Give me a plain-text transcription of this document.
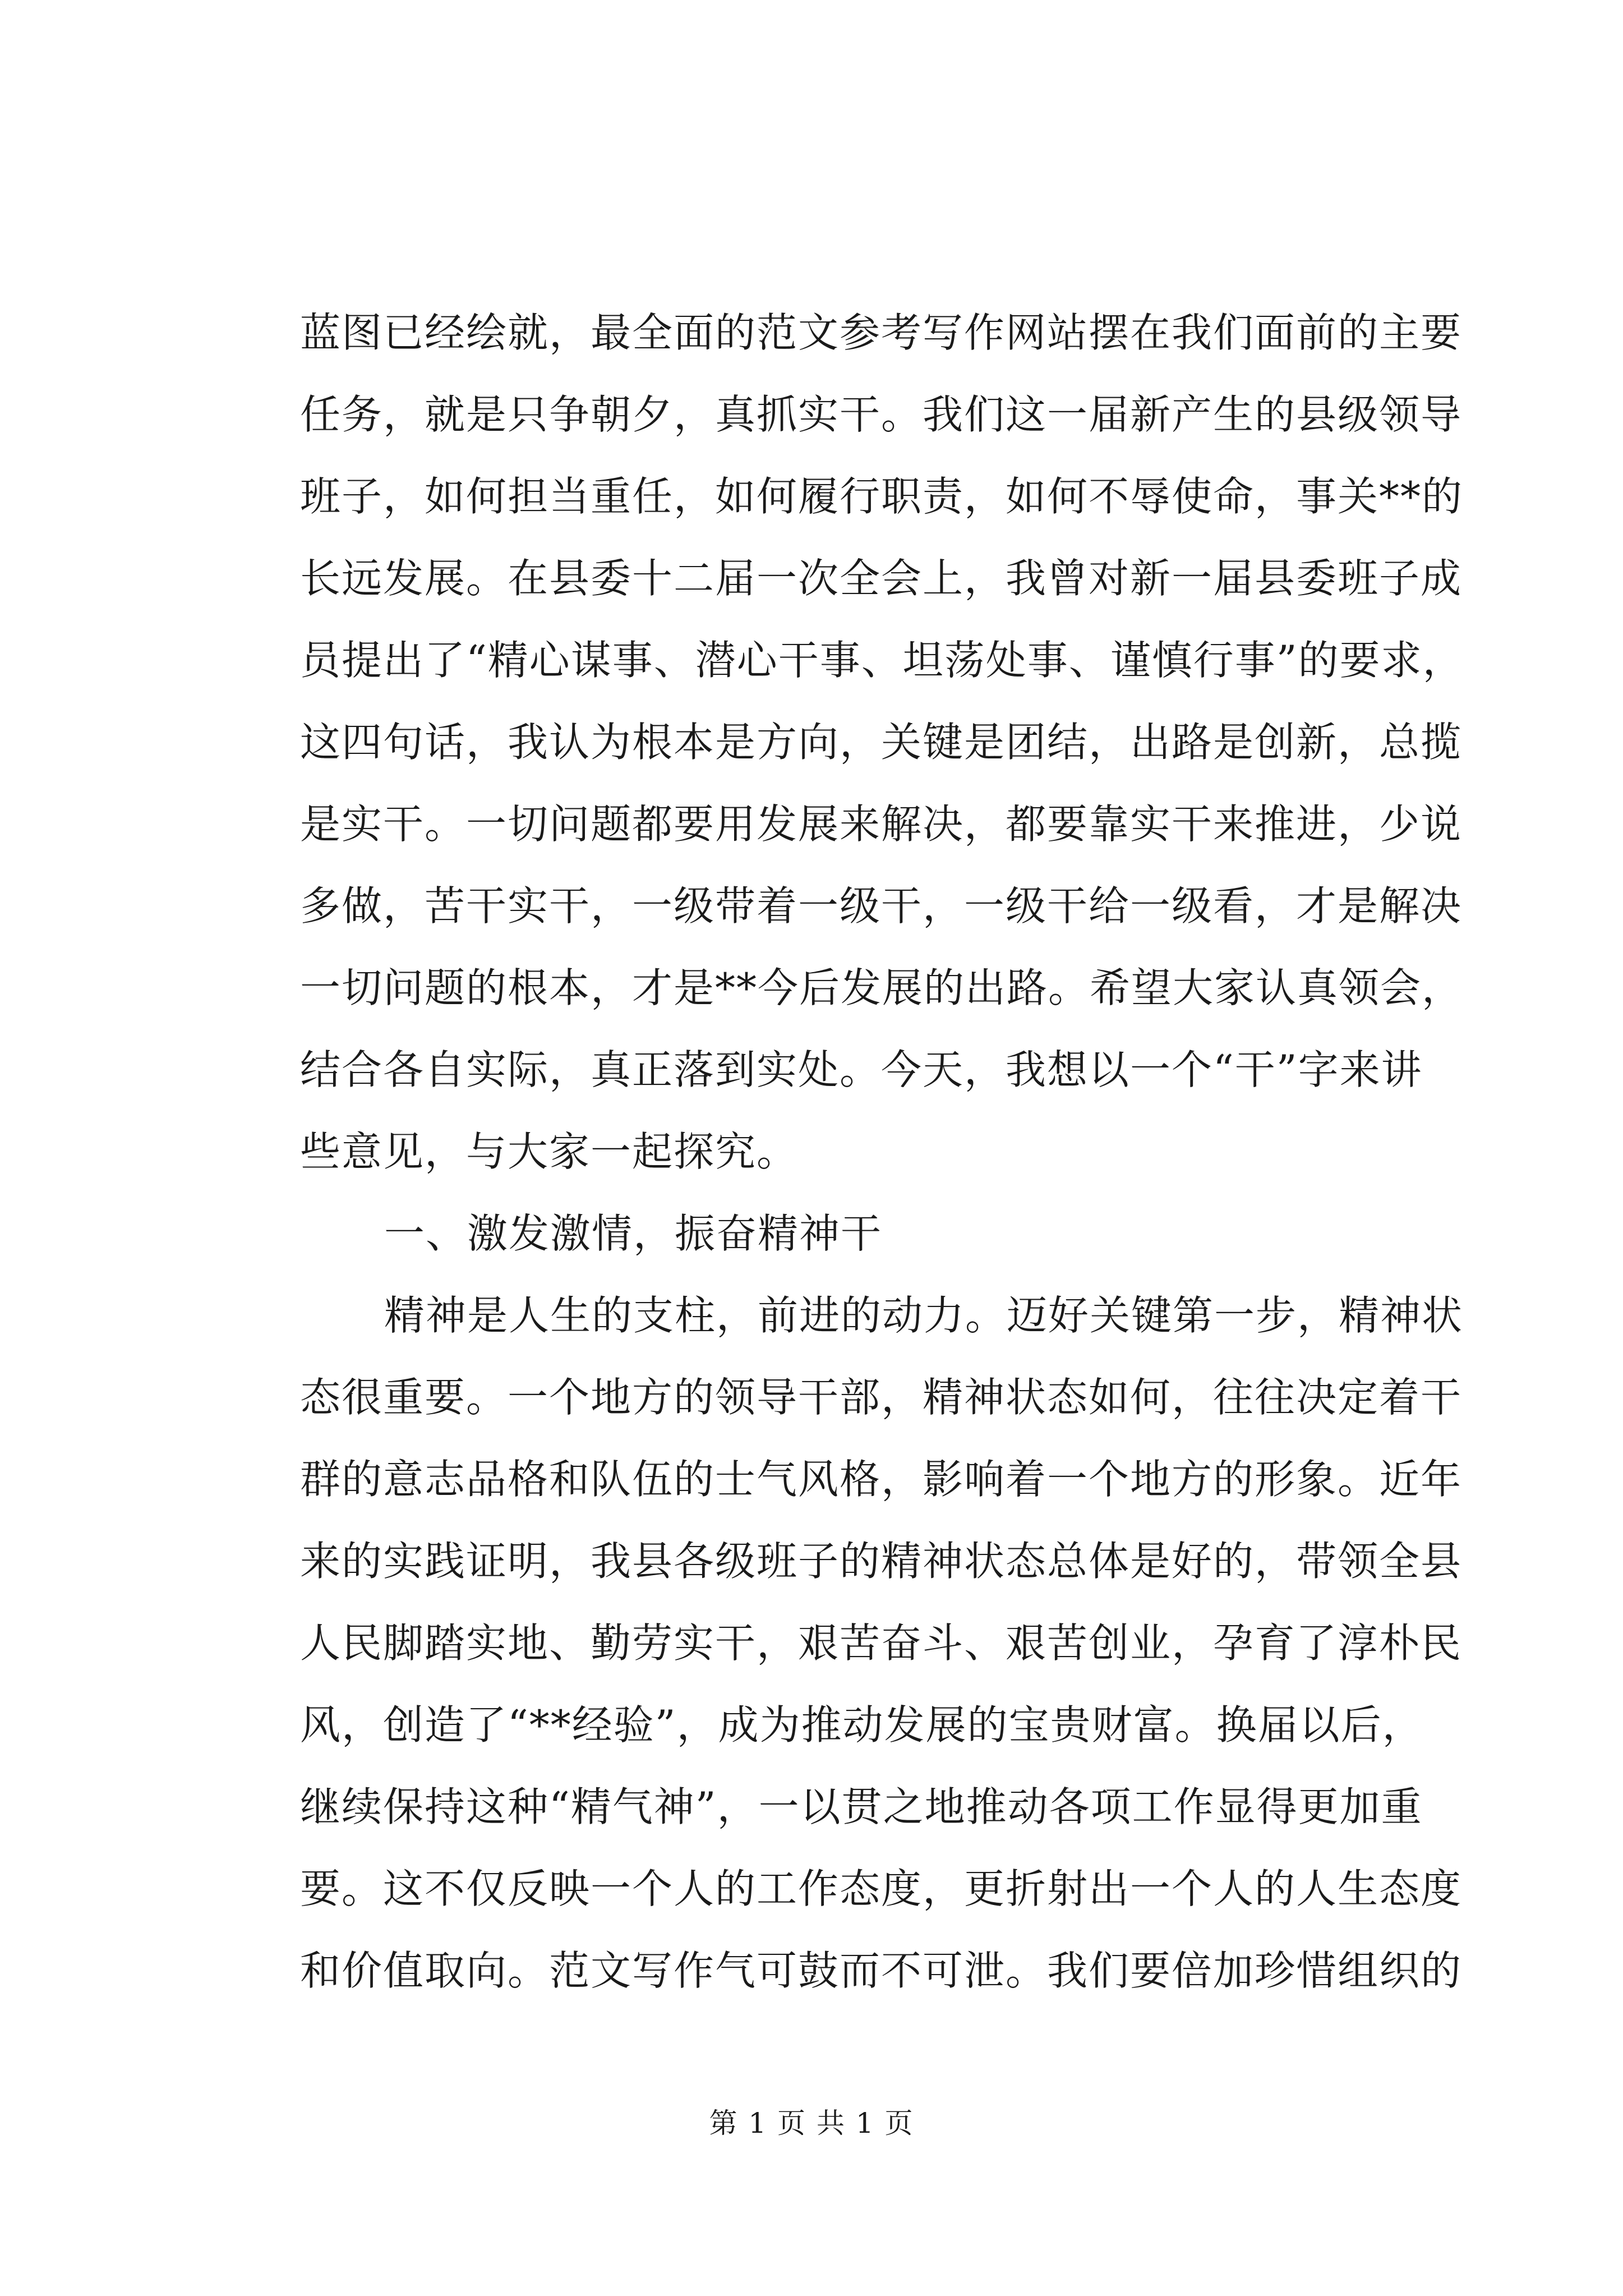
蓝图已经绘就，最全面的范文参考写作网站摆在我们面前的主要
任务，就是只争朝夕，真抓实干。我们这一届新产生的县级领导
班子，如何担当重任，如何履行职责，如何不辱使命，事关**的
长远发展。在县委十二届一次全会上，我曾对新一届县委班子成
员提出了“精心谋事、潜心干事、坦荡处事、谨慎行事”的要求，
这四句话，我认为根本是方向，关键是团结，出路是创新，总揽
是实干。一切问题都要用发展来解决，都要靠实干来推进，少说
多做，苦干实干，一级带着一级干，一级干给一级看，才是解决
一切问题的根本，才是**今后发展的出路。希望大家认真领会，
结合各自实际，真正落到实处。今天，我想以一个“干”字来讲
些意见，与大家一起探究。
一、激发激情，振奋精神干
精神是人生的支柱，前进的动力。迈好关键第一步，精神状
态很重要。一个地方的领导干部，精神状态如何，往往决定着干
群的意志品格和队伍的士气风格，影响着一个地方的形象。近年
来的实践证明，我县各级班子的精神状态总体是好的，带领全县
人民脚踏实地、勤劳实干，艰苦奋斗、艰苦创业，孕育了淳朴民
风，创造了“**经验”，成为推动发展的宝贵财富。换届以后，
继续保持这种“精气神”，一以贯之地推动各项工作显得更加重
要。这不仅反映一个人的工作态度，更折射出一个人的人生态度
和价值取向。范文写作气可鼓而不可泄。我们要倍加珍惜组织的
第 1 页 共 1 页
